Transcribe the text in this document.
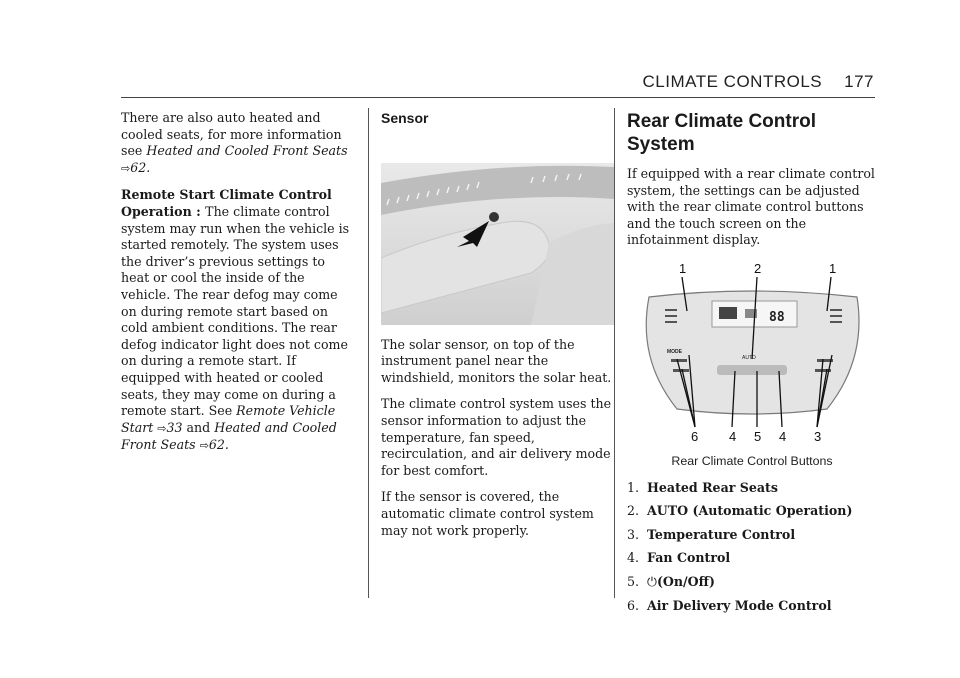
CLIMATE CONTROLS 177

There are also auto heated and cooled seats, for more information see Heated and Cooled Front Seats ⇨62.

Remote Start Climate Control Operation : The climate control system may run when the vehicle is started remotely. The system uses the driver’s previous settings to heat or cool the inside of the vehicle. The rear defog may come on during remote start based on cold ambient conditions. The rear defog indicator light does not come on during a remote start. If equipped with heated or cooled seats, they may come on during a remote start. See Remote Vehicle Start ⇨33 and Heated and Cooled Front Seats ⇨62.

Sensor

The solar sensor, on top of the instrument panel near the windshield, monitors the solar heat.

The climate control system uses the sensor information to adjust the temperature, fan speed, recirculation, and air delivery mode for best comfort.

If the sensor is covered, the automatic climate control system may not work properly.

Rear Climate Control System

If equipped with a rear climate control system, the settings can be adjusted with the rear climate control buttons and the touch screen on the infotainment display.

1	2	1
6 4 5 4 3
88
MODE
AUTO

Rear Climate Control Buttons

1. Heated Rear Seats
2. AUTO (Automatic Operation)
3. Temperature Control
4. Fan Control
5. ⏻(On/Off)
6. Air Delivery Mode Control
